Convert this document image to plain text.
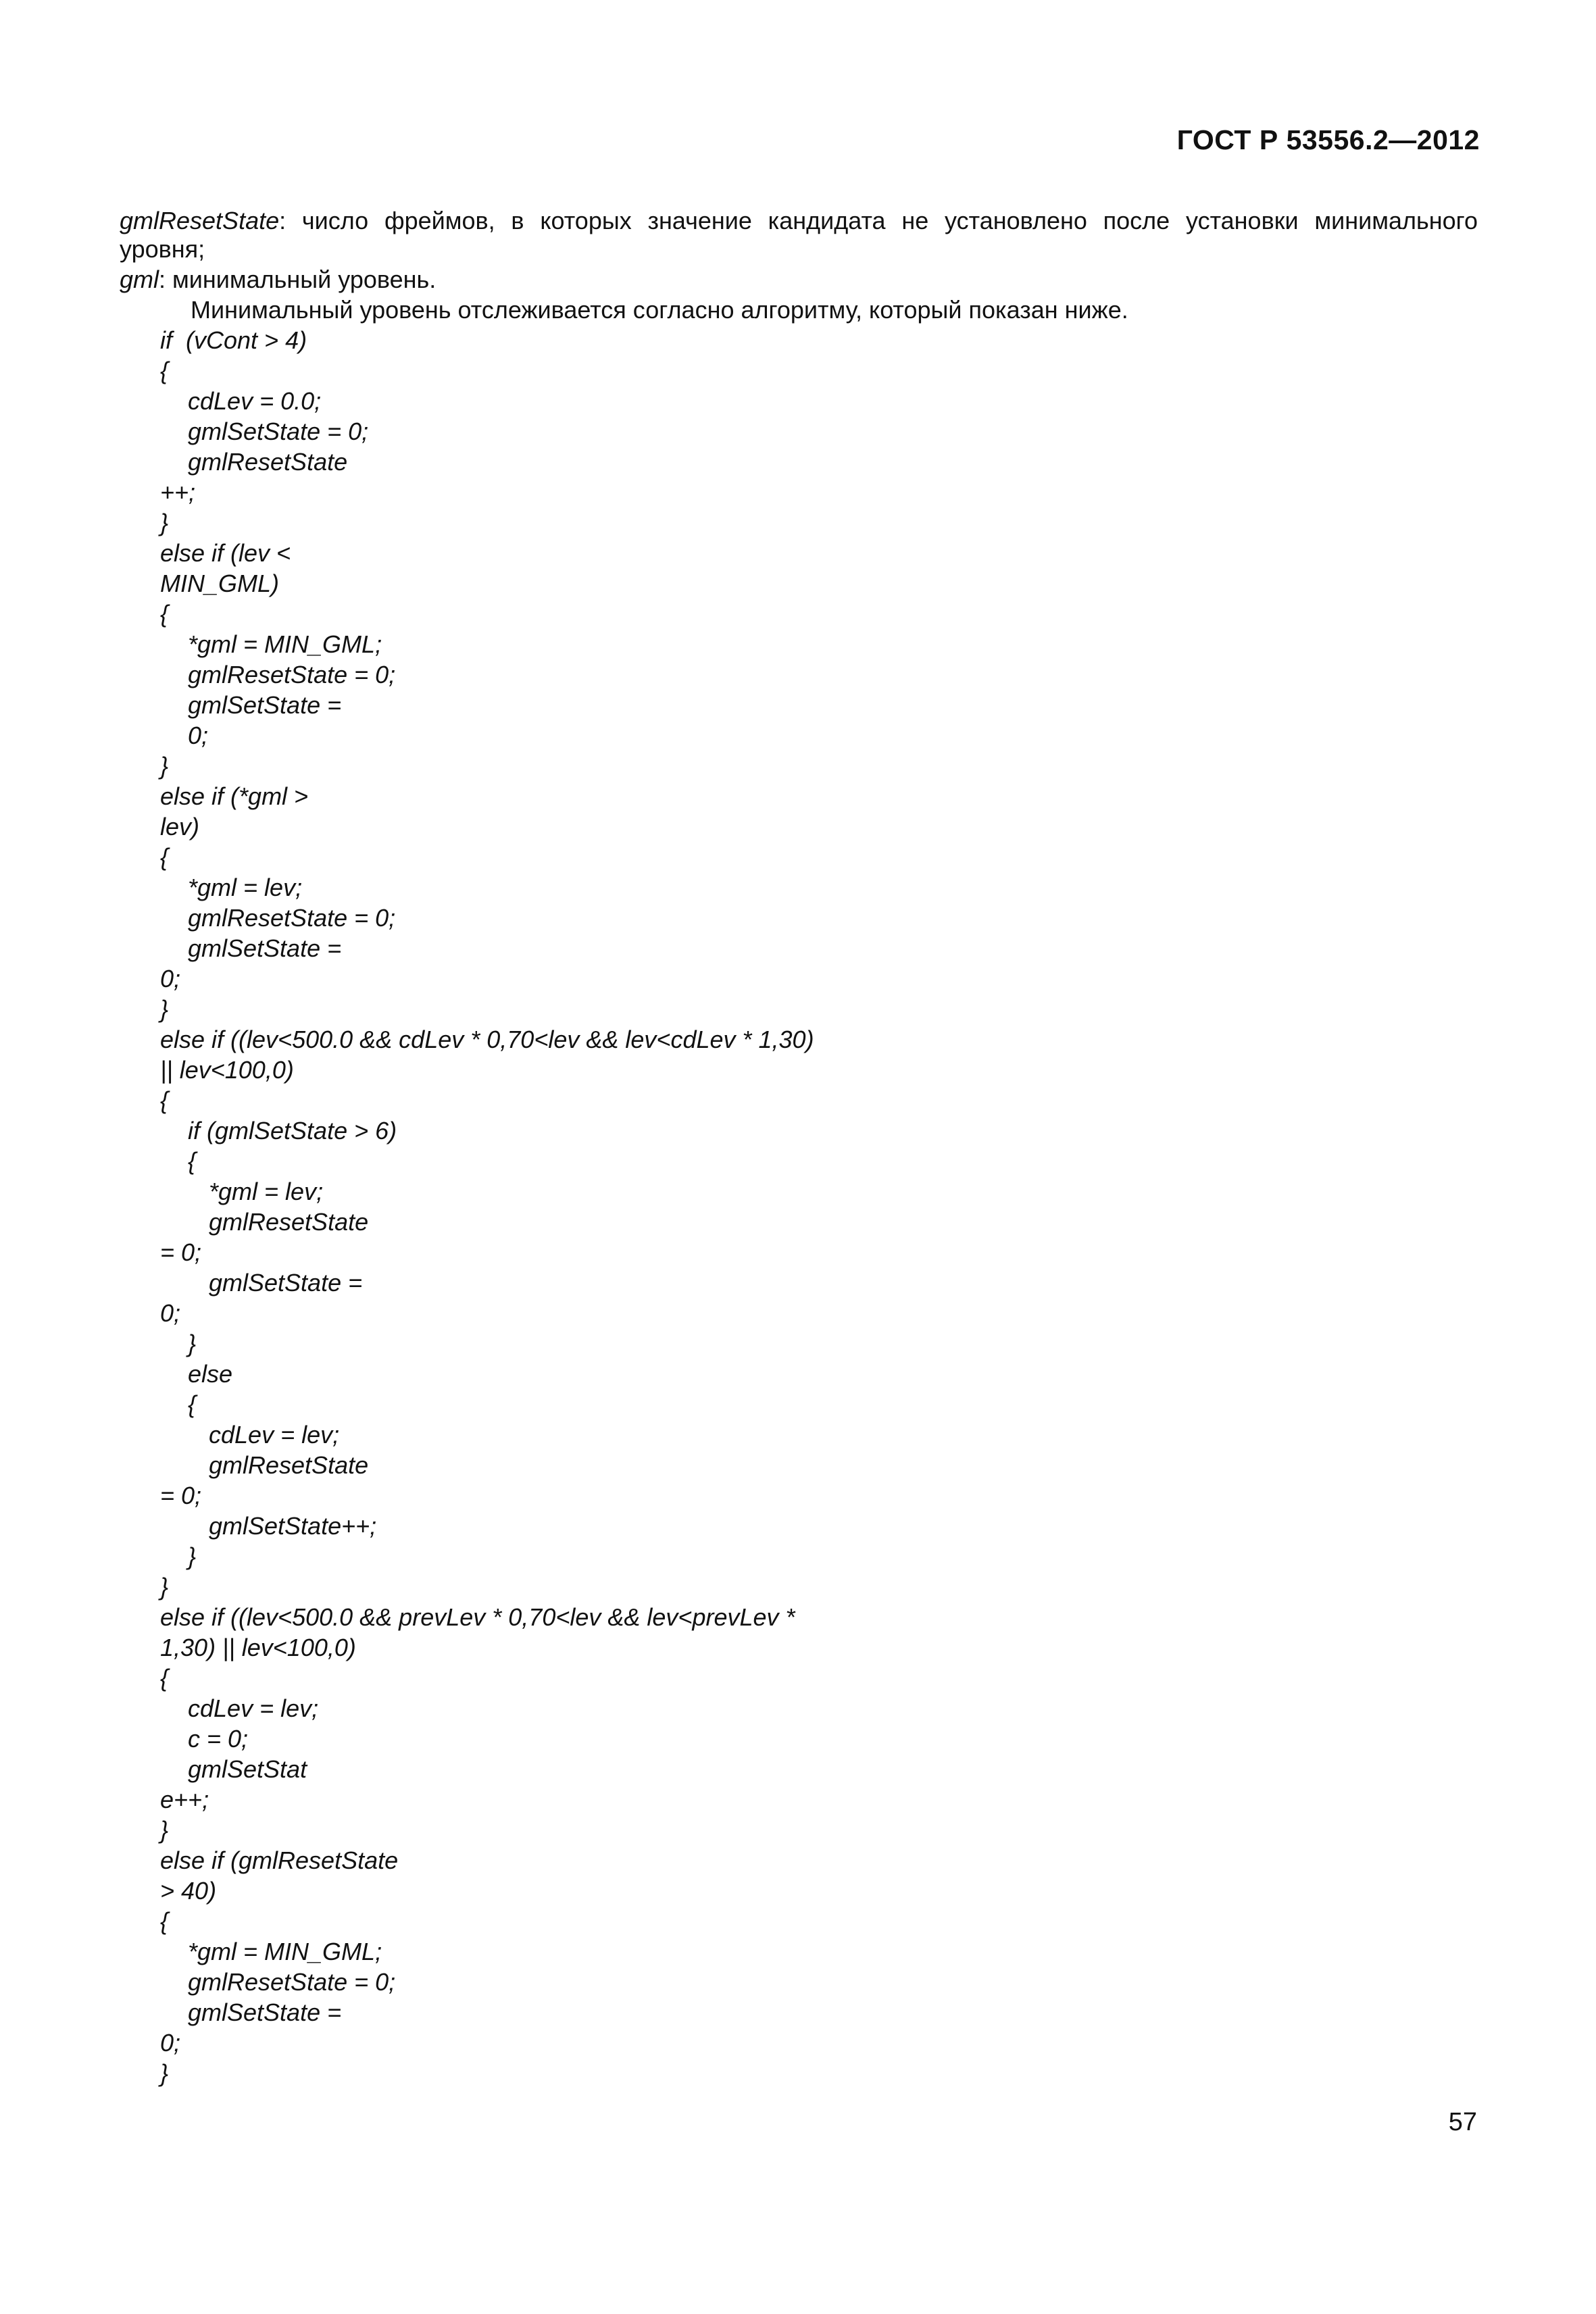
ГОСТ Р 53556.2—2012
gmlResetState: число фреймов, в которых значение кандидата не установлено после установки минимального
уровня;
gml: минимальный уровень.
Минимальный уровень отслеживается согласно алгоритму, который показан ниже.
if  (vCont > 4)
{
cdLev = 0.0;
gmlSetState = 0;
gmlResetState
++;
}
else if (lev <
MIN_GML)
{
*gml = MIN_GML;
gmlResetState = 0;
gmlSetState =
0;
}
else if (*gml >
lev)
{
*gml = lev;
gmlResetState = 0;
gmlSetState =
0;
}
else if ((lev<500.0 && cdLev * 0,70<lev && lev<cdLev * 1,30)
|| lev<100,0)
{
if (gmlSetState > 6)
{
*gml = lev;
gmlResetState
= 0;
gmlSetState =
0;
}
else
{
cdLev = lev;
gmlResetState
= 0;
gmlSetState++;
}
}
else if ((lev<500.0 && prevLev * 0,70<lev && lev<prevLev *
1,30) || lev<100,0)
{
cdLev = lev;
c = 0;
gmlSetStat
e++;
}
else if (gmlResetState
> 40)
{
*gml = MIN_GML;
gmlResetState = 0;
gmlSetState =
0;
}
57
